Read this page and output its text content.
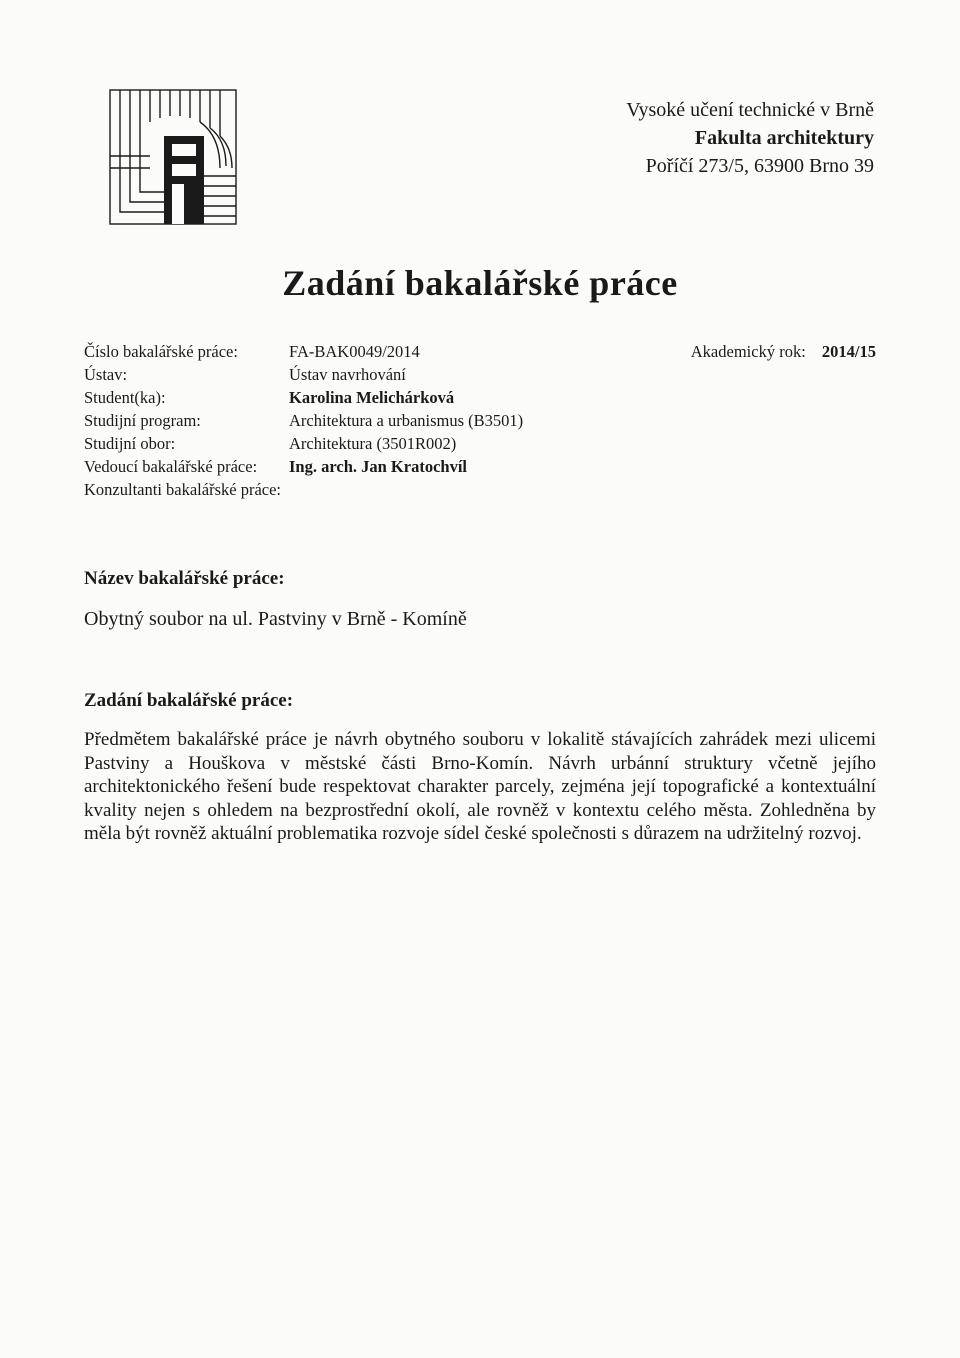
Vysoké učení technické v Brně
Fakulta architektury
Poříčí 273/5, 63900 Brno 39
Zadání bakalářské práce
Číslo bakalářské práce:	FA-BAK0049/2014
Ústav:	Ústav navrhování
Student(ka):	Karolina Melichárková
Studijní program:	Architektura a urbanismus (B3501)
Studijní obor:	Architektura (3501R002)
Vedoucí bakalářské práce:	Ing. arch. Jan Kratochvíl
Konzultanti bakalářské práce:
Akademický rok: 2014/15
Název bakalářské práce:
Obytný soubor na ul. Pastviny v Brně - Komíně
Zadání bakalářské práce:
Předmětem bakalářské práce je návrh obytného souboru v lokalitě stávajících zahrádek mezi ulicemi Pastviny a Houškova v městské části Brno-Komín. Návrh urbánní struktury včetně jejího architektonického řešení bude respektovat charakter parcely, zejména její topografické a kontextuální kvality nejen s ohledem na bezprostřední okolí, ale rovněž v kontextu celého města. Zohledněna by měla být rovněž aktuální problematika rozvoje sídel české společnosti s důrazem na udržitelný rozvoj.
